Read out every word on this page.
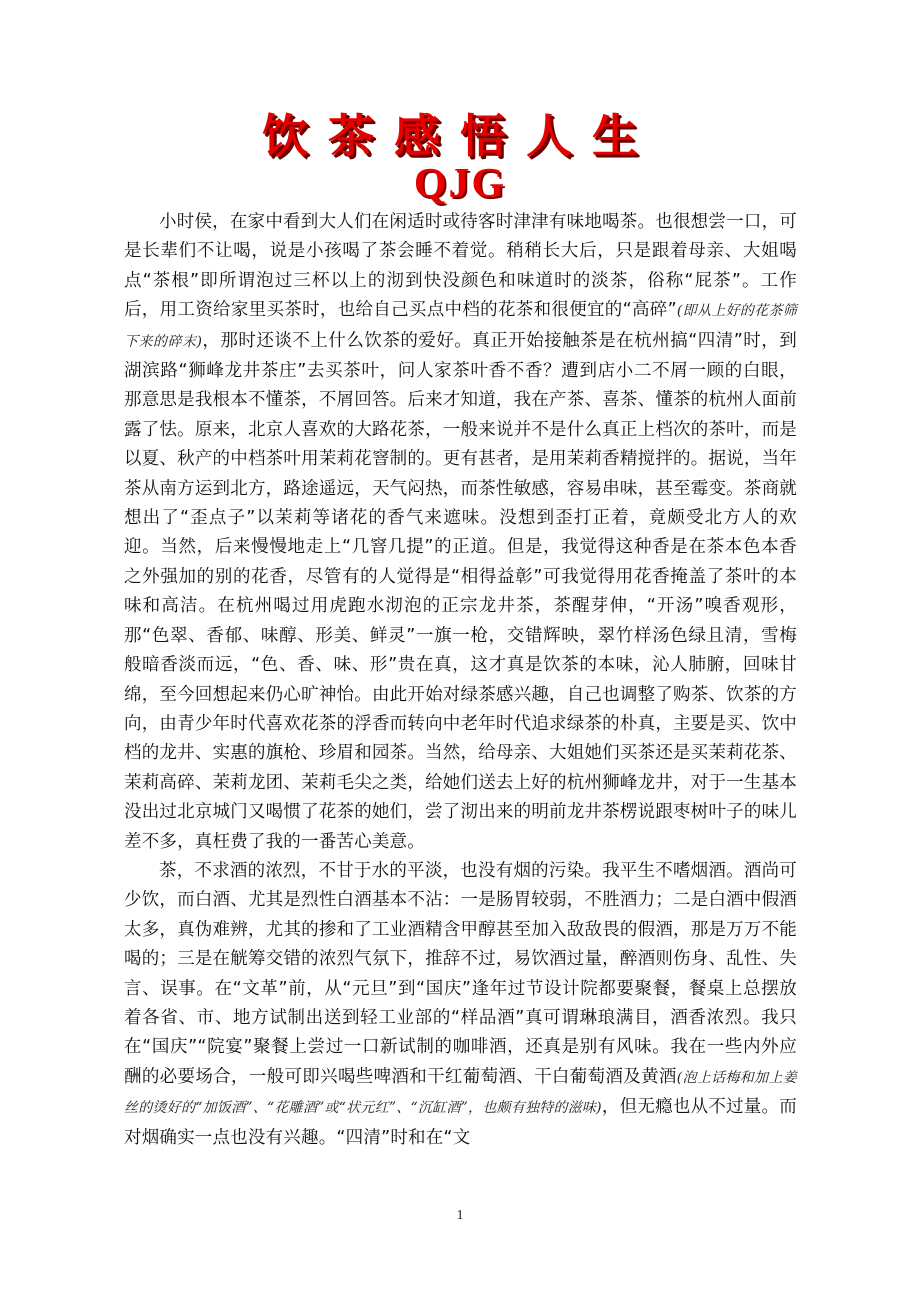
饮茶感悟人生
QJG

小时侯，在家中看到大人们在闲适时或待客时津津有味地喝茶。也很想尝一口，可是长辈们不让喝，说是小孩喝了茶会睡不着觉。稍稍长大后，只是跟着母亲、大姐喝点“茶根”即所谓泡过三杯以上的沏到快没颜色和味道时的淡茶，俗称“屁茶”。工作后，用工资给家里买茶时，也给自己买点中档的花茶和很便宜的“高碎”(即从上好的花茶筛下来的碎末)，那时还谈不上什么饮茶的爱好。真正开始接触茶是在杭州搞“四清”时，到湖滨路“狮峰龙井茶庄”去买茶叶，问人家茶叶香不香？遭到店小二不屑一顾的白眼，那意思是我根本不懂茶，不屑回答。后来才知道，我在产茶、喜茶、懂茶的杭州人面前露了怯。原来，北京人喜欢的大路花茶，一般来说并不是什么真正上档次的茶叶，而是以夏、秋产的中档茶叶用茉莉花窨制的。更有甚者，是用茉莉香精搅拌的。据说，当年茶从南方运到北方，路途遥远，天气闷热，而茶性敏感，容易串味，甚至霉变。茶商就想出了“歪点子”以茉莉等诸花的香气来遮味。没想到歪打正着，竟颇受北方人的欢迎。当然，后来慢慢地走上“几窨几提”的正道。但是，我觉得这种香是在茶本色本香之外强加的别的花香，尽管有的人觉得是“相得益彰”可我觉得用花香掩盖了茶叶的本味和高洁。在杭州喝过用虎跑水沏泡的正宗龙井茶，茶醒芽伸，“开汤”嗅香观形，那“色翠、香郁、味醇、形美、鲜灵”一旗一枪，交错辉映，翠竹样汤色绿且清，雪梅般暗香淡而远，“色、香、味、形”贵在真，这才真是饮茶的本味，沁人肺腑，回味甘绵，至今回想起来仍心旷神怡。由此开始对绿茶感兴趣，自己也调整了购茶、饮茶的方向，由青少年时代喜欢花茶的浮香而转向中老年时代追求绿茶的朴真，主要是买、饮中档的龙井、实惠的旗枪、珍眉和园茶。当然，给母亲、大姐她们买茶还是买茉莉花茶、茉莉高碎、茉莉龙团、茉莉毛尖之类，给她们送去上好的杭州狮峰龙井，对于一生基本没出过北京城门又喝惯了花茶的她们，尝了沏出来的明前龙井茶楞说跟枣树叶子的味儿差不多，真枉费了我的一番苦心美意。

茶，不求酒的浓烈，不甘于水的平淡，也没有烟的污染。我平生不嗜烟酒。酒尚可少饮，而白酒、尤其是烈性白酒基本不沾：一是肠胃较弱，不胜酒力；二是白酒中假酒太多，真伪难辨，尤其的掺和了工业酒精含甲醇甚至加入敌敌畏的假酒，那是万万不能喝的；三是在觥筹交错的浓烈气氛下，推辞不过，易饮酒过量，醉酒则伤身、乱性、失言、误事。在“文革”前，从“元旦”到“国庆”逢年过节设计院都要聚餐，餐桌上总摆放着各省、市、地方试制出送到轻工业部的“样品酒”真可谓琳琅满目，酒香浓烈。我只在“国庆”“院宴”聚餐上尝过一口新试制的咖啡酒，还真是别有风味。我在一些内外应酬的必要场合，一般可即兴喝些啤酒和干红葡萄酒、干白葡萄酒及黄酒(泡上话梅和加上姜丝的烫好的“加饭酒”、“花雕酒”或“状元红”、“沉缸酒”，也颇有独特的滋味)，但无瘾也从不过量。而对烟确实一点也没有兴趣。“四清”时和在“文

1
